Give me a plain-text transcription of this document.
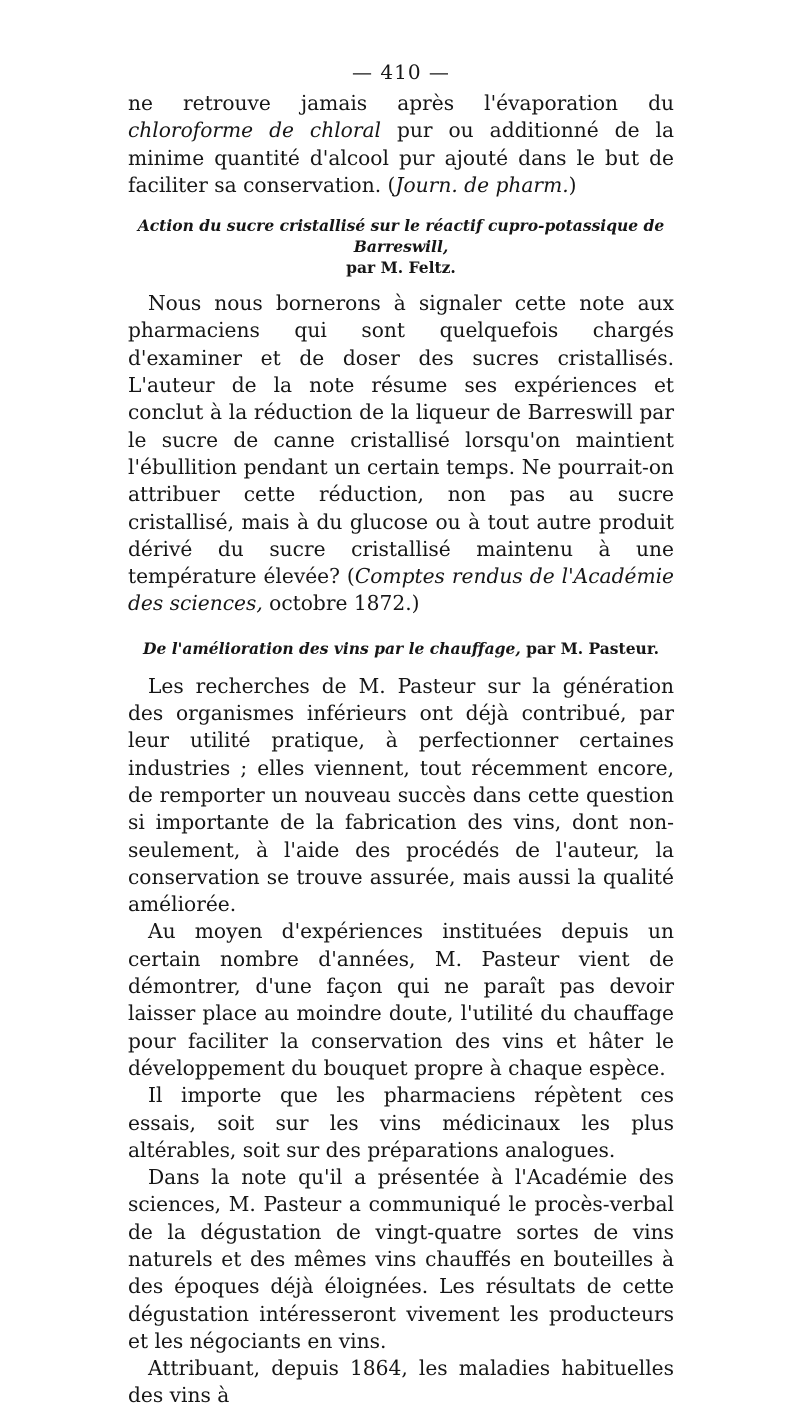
— 410 —

ne retrouve jamais après l'évaporation du chloroforme de chloral pur ou additionné de la minime quantité d'alcool pur ajouté dans le but de faciliter sa conservation. (Journ. de pharm.)

Action du sucre cristallisé sur le réactif cupro-potassique de Barreswill,
par M. Feltz.

Nous nous bornerons à signaler cette note aux pharmaciens qui sont quelquefois chargés d'examiner et de doser des sucres cristallisés. L'auteur de la note résume ses expériences et conclut à la réduction de la liqueur de Barreswill par le sucre de canne cristallisé lorsqu'on maintient l'ébullition pendant un certain temps. Ne pourrait-on attribuer cette réduction, non pas au sucre cristallisé, mais à du glucose ou à tout autre produit dérivé du sucre cristallisé maintenu à une température élevée? (Comptes rendus de l'Académie des sciences, octobre 1872.)

De l'amélioration des vins par le chauffage, par M. Pasteur.

Les recherches de M. Pasteur sur la génération des organismes inférieurs ont déjà contribué, par leur utilité pratique, à perfectionner certaines industries ; elles viennent, tout récemment encore, de remporter un nouveau succès dans cette question si importante de la fabrication des vins, dont non-seulement, à l'aide des procédés de l'auteur, la conservation se trouve assurée, mais aussi la qualité améliorée.

Au moyen d'expériences instituées depuis un certain nombre d'années, M. Pasteur vient de démontrer, d'une façon qui ne paraît pas devoir laisser place au moindre doute, l'utilité du chauffage pour faciliter la conservation des vins et hâter le développement du bouquet propre à chaque espèce.

Il importe que les pharmaciens répètent ces essais, soit sur les vins médicinaux les plus altérables, soit sur des préparations analogues.

Dans la note qu'il a présentée à l'Académie des sciences, M. Pasteur a communiqué le procès-verbal de la dégustation de vingt-quatre sortes de vins naturels et des mêmes vins chauffés en bouteilles à des époques déjà éloignées. Les résultats de cette dégustation intéresseront vivement les producteurs et les négociants en vins.

Attribuant, depuis 1864, les maladies habituelles des vins à
